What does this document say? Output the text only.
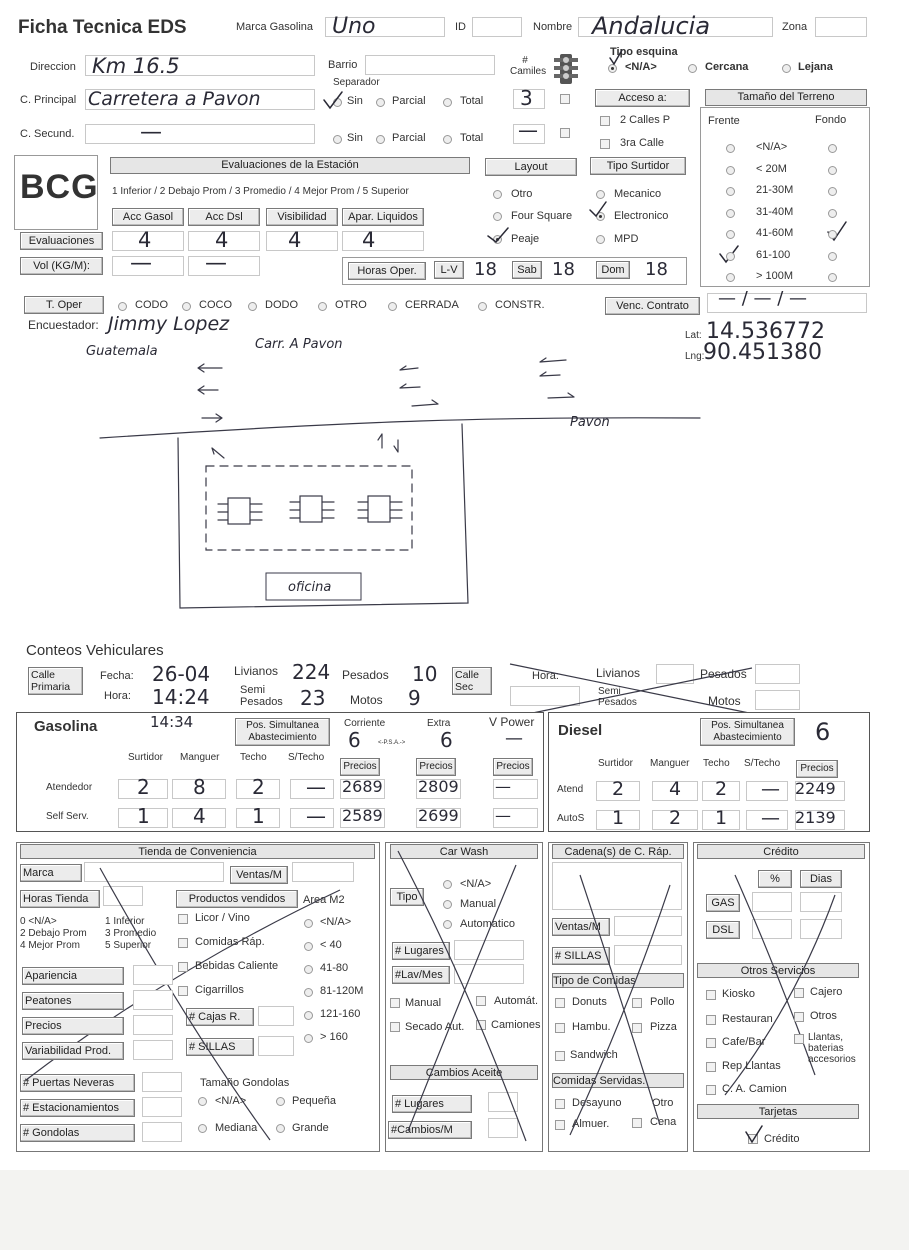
Ficha Tecnica EDS	Marca Gasolina Uno	ID	Nombre Andalucia	Zona
Direccion Km 16.5	Barrio	# Camiles
Tipo esquina
<N/A>	Cercana	Lejana
Separador
C. Principal Carretera a Pavon	Sin	Parcial	Total 3	Acceso a:
2 Calles P
3ra Calle
C. Secund.	—	Sin	Parcial	Total —
Tamaño del Terreno
Frente	Fondo
BCG
Evaluaciones de la Estación
1 Inferior / 2 Debajo Prom / 3 Promedio / 4 Mejor Prom / 5 Superior
Acc Gasol	Acc Dsl	Visibilidad	Apar. Liquidos
Evaluaciones	4	4	4	4
Vol (KG/M):	— —	Horas Oper.	L-V 18	Sab 18	Dom 18
Layout	Tipo Surtidor
Otro
Four Square
Peaje
Mecanico
Electronico
MPD
T. Oper	Venc. Contrato	— / — / —
Encuestador: Jimmy Lopez
Lat: 14.536772
Lng:
90.451380
Guatemala	Carr. A Pavon
Pavon
oficina
Conteos Vehiculares
Calle Primaria
Fecha: 26-04
Hora: 14:24
Livianos 224 Pesados 10
Semi Pesados 23 Motos 9
Calle Sec
Hora:	Livianos	Pesados
Semi Pesados	Motos
Gasolina	14:34	Pos. Simultanea Abastecimiento
Corriente
6	<-P.S.A.->
Extra
6
V Power
—
Surtidor Manguer Techo S/Techo
Precios	Precios	Precios
Diesel	Pos. Simultanea Abastecimiento	6
Surtidor Manguer Techo S/Techo	Precios
Tienda de Conveniencia
Marca	Ventas/M
Horas Tienda	Productos vendidos	Area M2
0 <N/A>	1 Inferior
2 Debajo Prom 3 Promedio
4 Mejor Prom 5 Superior
# Cajas R.
# SILLAS
# Puertas Neveras
# Estacionamientos
# Gondolas
Tamaño Gondolas
<N/A>	Pequeña
Mediana	Grande
Car Wash
Tipo
<N/A>
Manual
Automatico
# Lugares
#Lav/Mes
Manual	Automát.
Secado Aut. Camiones
Cambios Aceite
# Lugares
#Cambios/M
Cadena(s) de C. Ráp.
Ventas/M
# SILLAS
Tipo de Comidas
Donuts	Pollo
Hambu.	Pizza
Sandwich
Comidas Servidas.
Desayuno	Otro
Almuer.	Cena
Crédito
%	Dias
GAS
DSL
Otros Servicios
Tarjetas
Crédito
<N/A>
< 20M
21-30M
31-40M
41-60M
61-100
> 100M
CODO	COCO	DODO	OTRO	CERRADA	CONSTR.
Atendedor 2 8 2 — 2689 2809 —
Self Serv. 1 4 1 — 2589 2699 —
Atend 2 4 2 — 2249
AutoS 1 2 1 — 2139
Licor / Vino
Comidas Ráp.
Bebidas Caliente
Cigarrillos
<N/A>
< 40
41-80
81-120M
121-160
> 160
Apariencia
Peatones
Precios
Variabilidad Prod.
Kiosko	Cajero
Restauran	Otros
Cafe/Bar	Llantas, baterias accesorios
Rep Llantas
C. A. Camion
